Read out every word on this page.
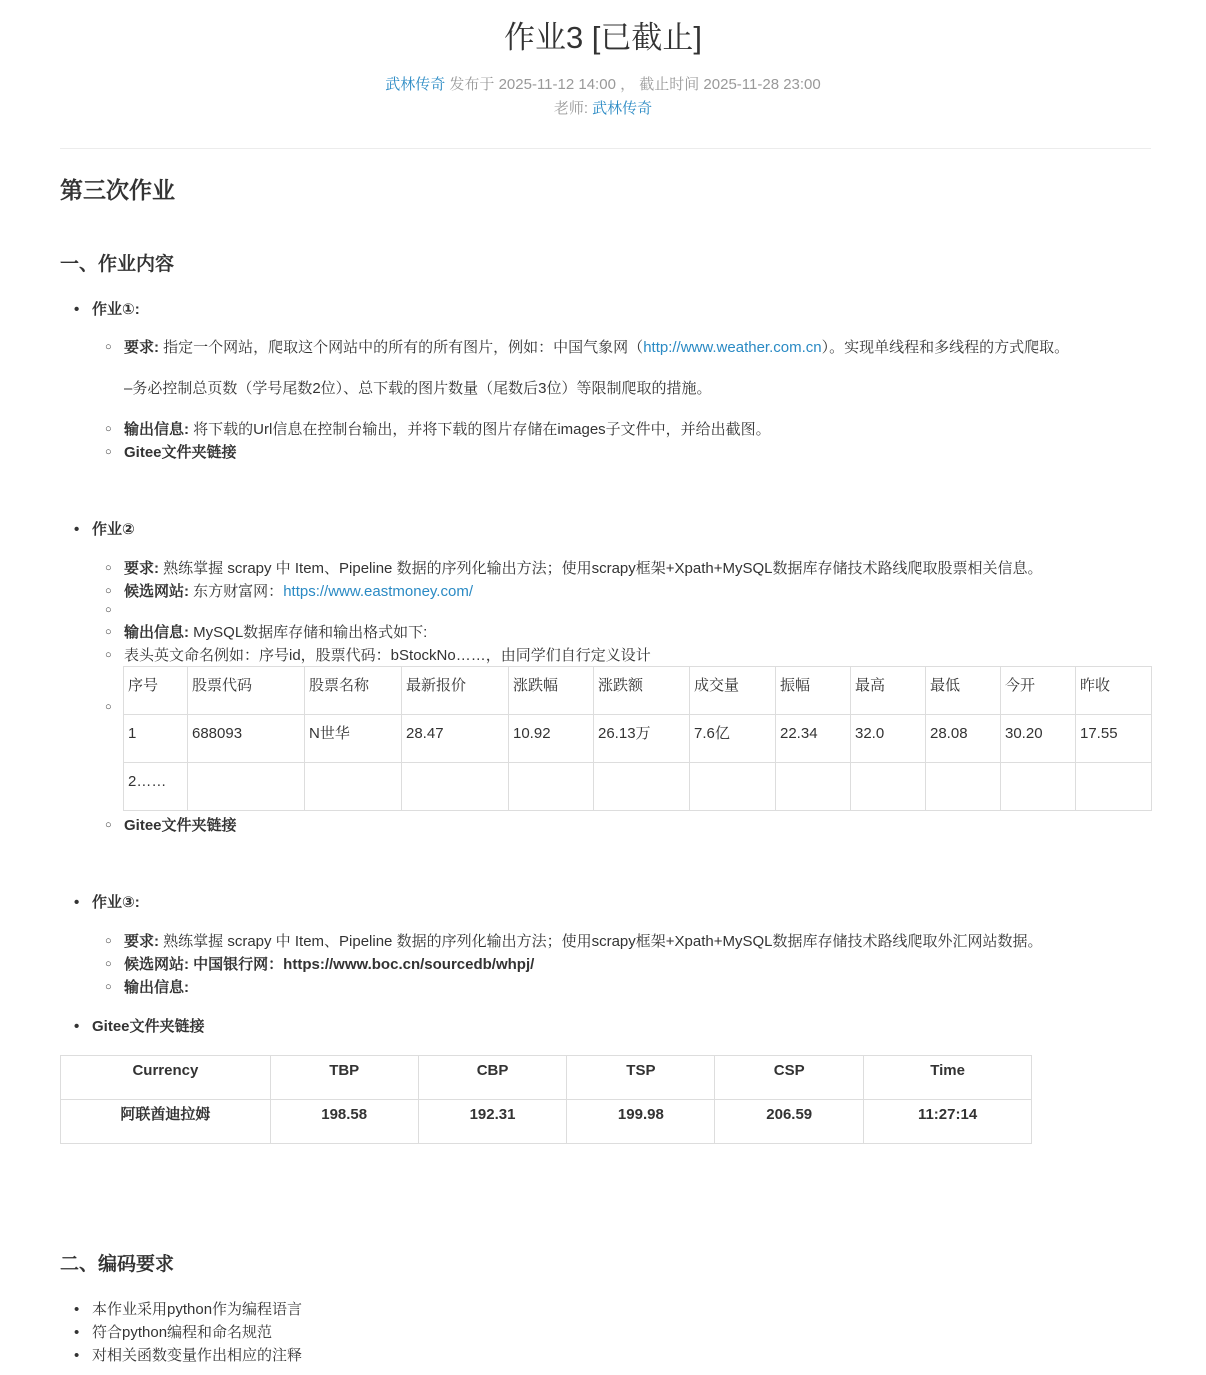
作业3 [已截止]
武林传奇 发布于 2025-11-12 14:00 ， 截止时间 2025-11-28 23:00
老师: 武林传奇
第三次作业
一、作业内容
• 作业①:
○ 要求: 指定一个网站，爬取这个网站中的所有的所有图片，例如：中国气象网（http://www.weather.com.cn）。实现单线程和多线程的方式爬取。
–务必控制总页数（学号尾数2位）、总下载的图片数量（尾数后3位）等限制爬取的措施。
○ 输出信息: 将下载的Url信息在控制台输出，并将下载的图片存储在images子文件中，并给出截图。
○ Gitee文件夹链接
• 作业②
○ 要求: 熟练掌握 scrapy 中 Item、Pipeline 数据的序列化输出方法；使用scrapy框架+Xpath+MySQL数据库存储技术路线爬取股票相关信息。
○ 候选网站: 东方财富网：https://www.eastmoney.com/
○
○ 输出信息: MySQL数据库存储和输出格式如下:
○ 表头英文命名例如：序号id，股票代码：bStockNo……，由同学们自行定义设计
○
序号	股票代码	股票名称	最新报价	涨跌幅	涨跌额	成交量	振幅	最高	最低	今开	昨收
1	688093	N世华	28.47	10.92	26.13万	7.6亿	22.34	32.0	28.08	30.20	17.55
2……											
○ Gitee文件夹链接
• 作业③:
○ 要求: 熟练掌握 scrapy 中 Item、Pipeline 数据的序列化输出方法；使用scrapy框架+Xpath+MySQL数据库存储技术路线爬取外汇网站数据。
○ 候选网站: 中国银行网：https://www.boc.cn/sourcedb/whpj/
○ 输出信息:
• Gitee文件夹链接
Currency	TBP	CBP	TSP	CSP	Time
阿联酋迪拉姆	198.58	192.31	199.98	206.59	11:27:14
二、编码要求
• 本作业采用python作为编程语言
• 符合python编程和命名规范
• 对相关函数变量作出相应的注释
